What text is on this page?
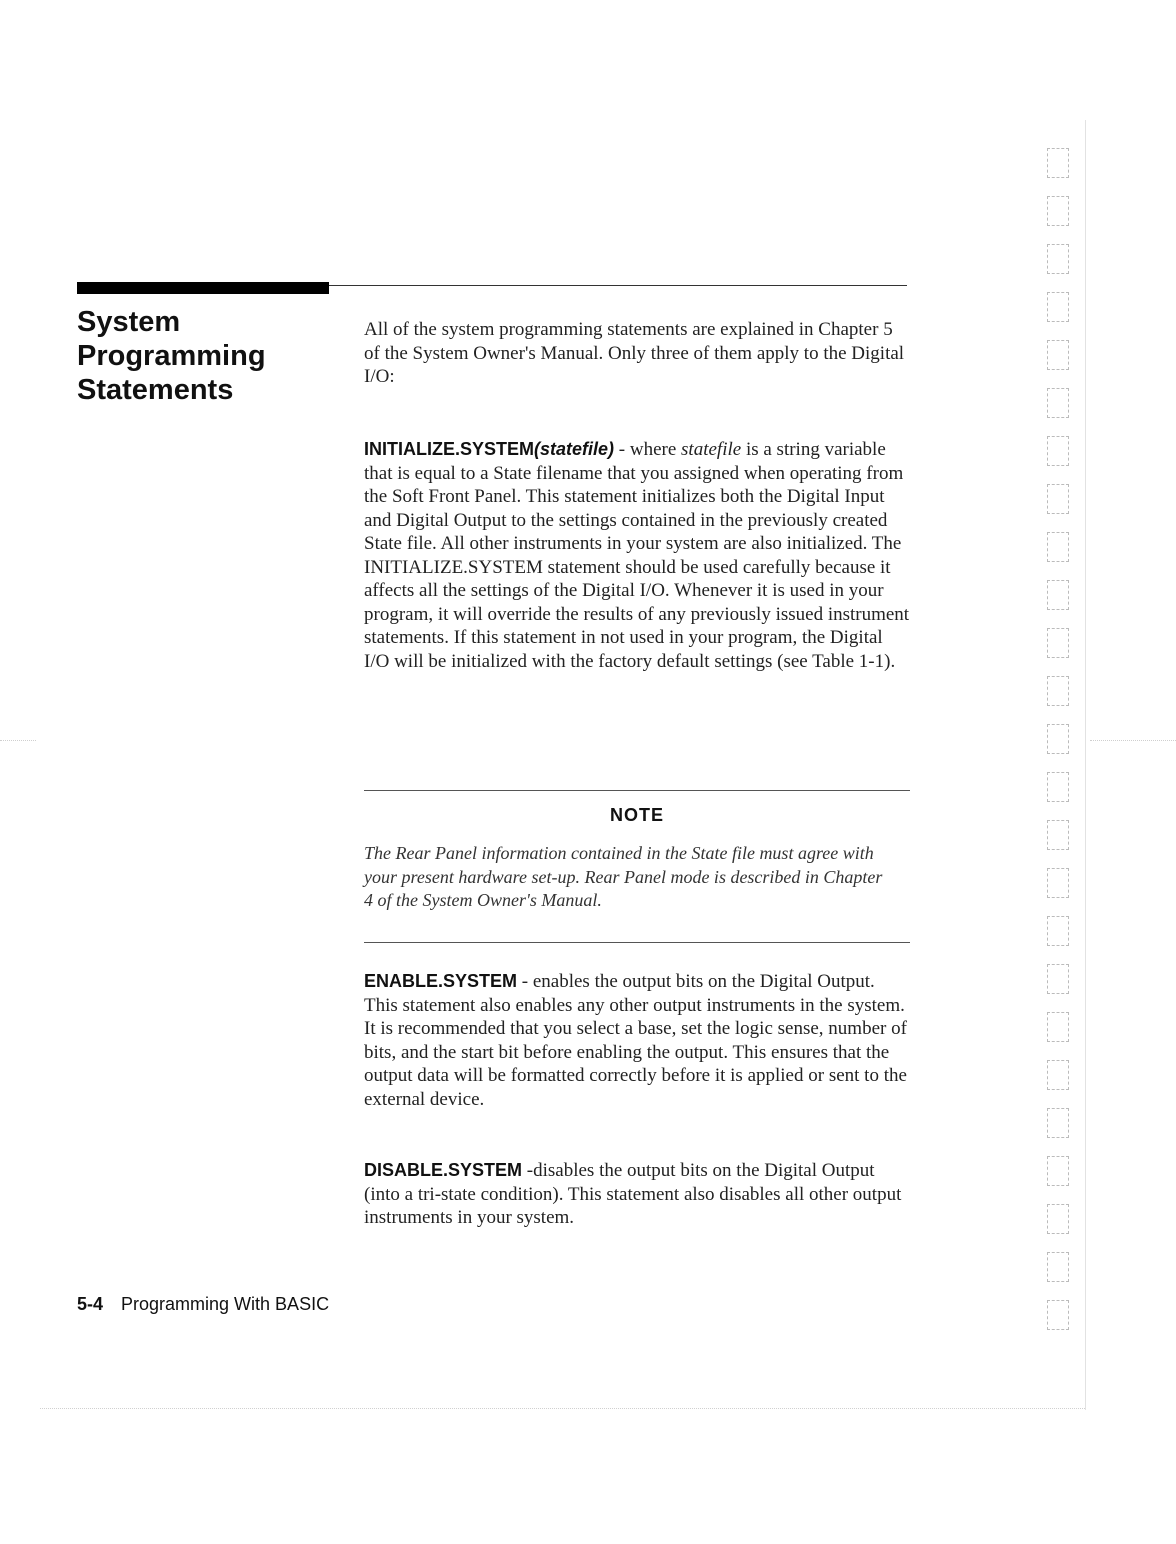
System
Programming
Statements

All of the system programming statements are explained in Chapter 5 of the System Owner's Manual. Only three of them apply to the Digital I/O:

INITIALIZE.SYSTEM(statefile) - where statefile is a string variable that is equal to a State filename that you assigned when operating from the Soft Front Panel. This statement initializes both the Digital Input and Digital Output to the settings contained in the previously created State file. All other instruments in your system are also initialized. The INITIALIZE.SYSTEM statement should be used carefully because it affects all the settings of the Digital I/O. Whenever it is used in your program, it will override the results of any previously issued instrument statements. If this statement in not used in your program, the Digital I/O will be initialized with the factory default settings (see Table 1-1).

NOTE

The Rear Panel information contained in the State file must agree with your present hardware set-up. Rear Panel mode is described in Chapter 4 of the System Owner's Manual.

ENABLE.SYSTEM - enables the output bits on the Digital Output. This statement also enables any other output instruments in the system. It is recommended that you select a base, set the logic sense, number of bits, and the start bit before enabling the output. This ensures that the output data will be formatted correctly before it is applied or sent to the external device.

DISABLE.SYSTEM -disables the output bits on the Digital Output (into a tri-state condition). This statement also disables all other output instruments in your system.

5-4 Programming With BASIC
